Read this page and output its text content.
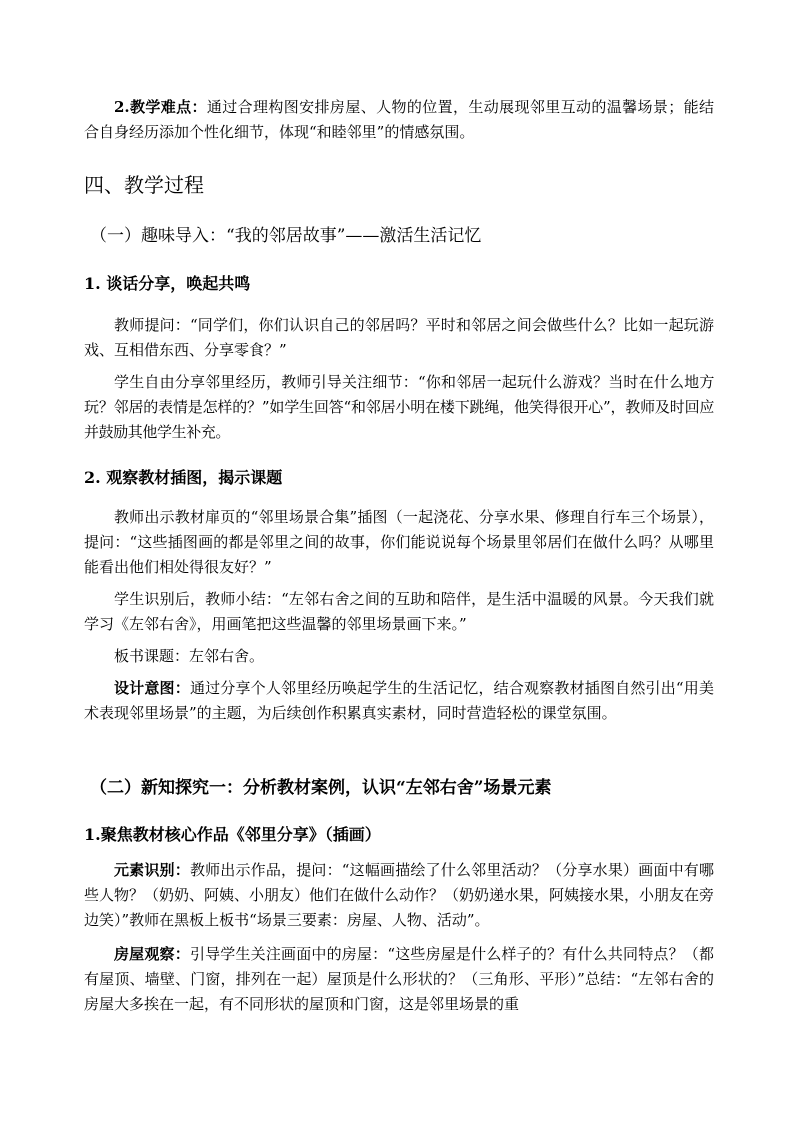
2.教学难点：通过合理构图安排房屋、人物的位置，生动展现邻里互动的温馨场景；能结合自身经历添加个性化细节，体现“和睦邻里”的情感氛围。

四、教学过程
（一）趣味导入：“我的邻居故事”——激活生活记忆
1. 谈话分享，唤起共鸣

教师提问：“同学们，你们认识自己的邻居吗？平时和邻居之间会做些什么？比如一起玩游戏、互相借东西、分享零食？”

学生自由分享邻里经历，教师引导关注细节：“你和邻居一起玩什么游戏？当时在什么地方玩？邻居的表情是怎样的？”如学生回答“和邻居小明在楼下跳绳，他笑得很开心”，教师及时回应并鼓励其他学生补充。

2. 观察教材插图，揭示课题

教师出示教材扉页的“邻里场景合集”插图（一起浇花、分享水果、修理自行车三个场景），提问：“这些插图画的都是邻里之间的故事，你们能说说每个场景里邻居们在做什么吗？从哪里能看出他们相处得很友好？”

学生识别后，教师小结：“左邻右舍之间的互助和陪伴，是生活中温暖的风景。今天我们就学习《左邻右舍》，用画笔把这些温馨的邻里场景画下来。”

板书课题：左邻右舍。

设计意图：通过分享个人邻里经历唤起学生的生活记忆，结合观察教材插图自然引出“用美术表现邻里场景”的主题，为后续创作积累真实素材，同时营造轻松的课堂氛围。

（二）新知探究一：分析教材案例，认识“左邻右舍”场景元素
1.聚焦教材核心作品《邻里分享》（插画）

元素识别：教师出示作品，提问：“这幅画描绘了什么邻里活动？（分享水果）画面中有哪些人物？（奶奶、阿姨、小朋友）他们在做什么动作？（奶奶递水果，阿姨接水果，小朋友在旁边笑）”教师在黑板上板书“场景三要素：房屋、人物、活动”。

房屋观察：引导学生关注画面中的房屋：“这些房屋是什么样子的？有什么共同特点？（都有屋顶、墙壁、门窗，排列在一起）屋顶是什么形状的？（三角形、平形）”总结：“左邻右舍的房屋大多挨在一起，有不同形状的屋顶和门窗，这是邻里场景的重
